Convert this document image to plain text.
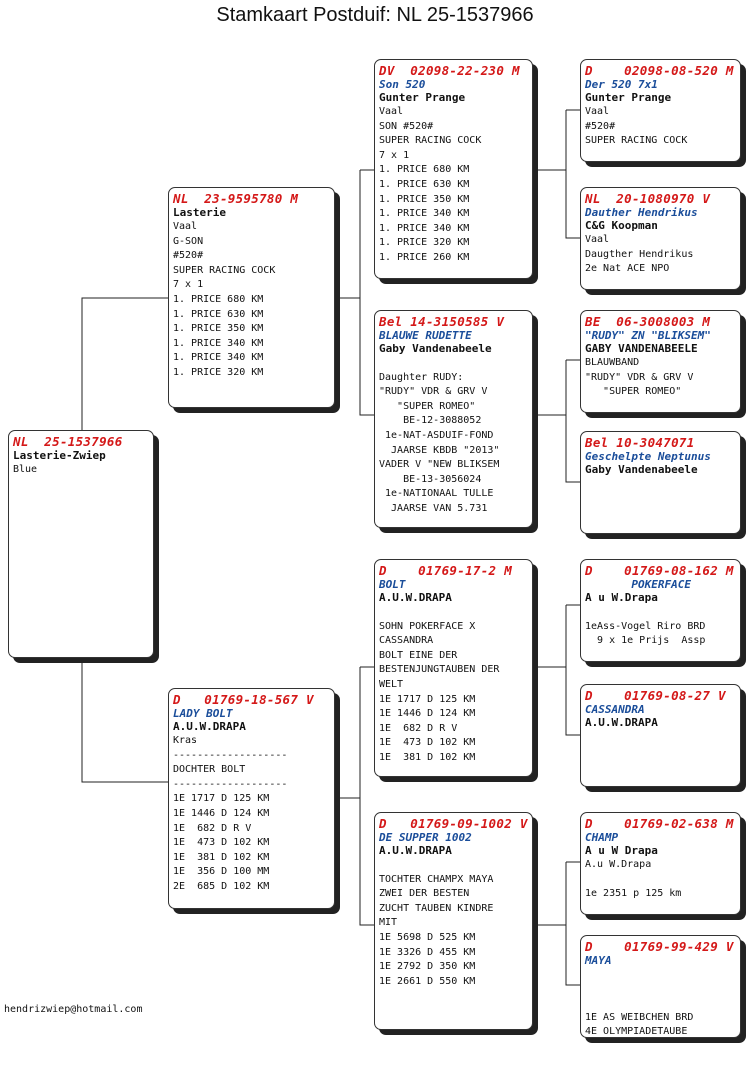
Stamkaart Postduif: NL 25-1537966
NL  25-1537966
Lasterie-Zwiep
Blue
NL  23-9595780 M
Lasterie
Vaal
G-SON
#520#
SUPER RACING COCK
7 x 1
1. PRICE 680 KM
1. PRICE 630 KM
1. PRICE 350 KM
1. PRICE 340 KM
1. PRICE 340 KM
1. PRICE 320 KM
D   01769-18-567 V
LADY BOLT
A.U.W.DRAPA
Kras
-------------------
DOCHTER BOLT
-------------------
1E 1717 D 125 KM
1E 1446 D 124 KM
1E  682 D R V
1E  473 D 102 KM
1E  381 D 102 KM
1E  356 D 100 MM
2E  685 D 102 KM
DV  02098-22-230 M
Son 520
Gunter Prange
Vaal
SON #520#
SUPER RACING COCK
7 x 1
1. PRICE 680 KM
1. PRICE 630 KM
1. PRICE 350 KM
1. PRICE 340 KM
1. PRICE 340 KM
1. PRICE 320 KM
1. PRICE 260 KM
Bel 14-3150585 V
BLAUWE RUDETTE
Gaby Vandenabeele

Daughter RUDY:
"RUDY" VDR & GRV V
"SUPER ROMEO"
BE-12-3088052
1e-NAT-ASDUIF-FOND
JAARSE KBDB "2013"
VADER V "NEW BLIKSEM
BE-13-3056024
1e-NATIONAAL TULLE
JAARSE VAN 5.731
D    01769-17-2 M
BOLT
A.U.W.DRAPA

SOHN POKERFACE X
CASSANDRA
BOLT EINE DER
BESTENJUNGTAUBEN DER
WELT
1E 1717 D 125 KM
1E 1446 D 124 KM
1E  682 D R V
1E  473 D 102 KM
1E  381 D 102 KM
D   01769-09-1002 V
DE SUPPER 1002
A.U.W.DRAPA

TOCHTER CHAMPX MAYA
ZWEI DER BESTEN
ZUCHT TAUBEN KINDRE
MIT
1E 5698 D 525 KM
1E 3326 D 455 KM
1E 2792 D 350 KM
1E 2661 D 550 KM
D    02098-08-520 M
Der 520 7x1
Gunter Prange
Vaal
#520#
SUPER RACING COCK
NL  20-1080970 V
Dauther Hendrikus
C&G Koopman
Vaal
Daugther Hendrikus
2e Nat ACE NPO
BE  06-3008003 M
"RUDY" ZN "BLIKSEM"
GABY VANDENABEELE
BLAUWBAND
"RUDY" VDR & GRV V
"SUPER ROMEO"
Bel 10-3047071
Geschelpte Neptunus
Gaby Vandenabeele
D    01769-08-162 M
POKERFACE
A u W.Drapa

1eAss-Vogel Riro BRD
9 x 1e Prijs  Assp
D    01769-08-27 V
CASSANDRA
A.U.W.DRAPA
D    01769-02-638 M
CHAMP
A u W Drapa
A.u W.Drapa

1e 2351 p 125 km
D    01769-99-429 V
MAYA

1E AS WEIBCHEN BRD
4E OLYMPIADETAUBE
hendrizwiep@hotmail.com
